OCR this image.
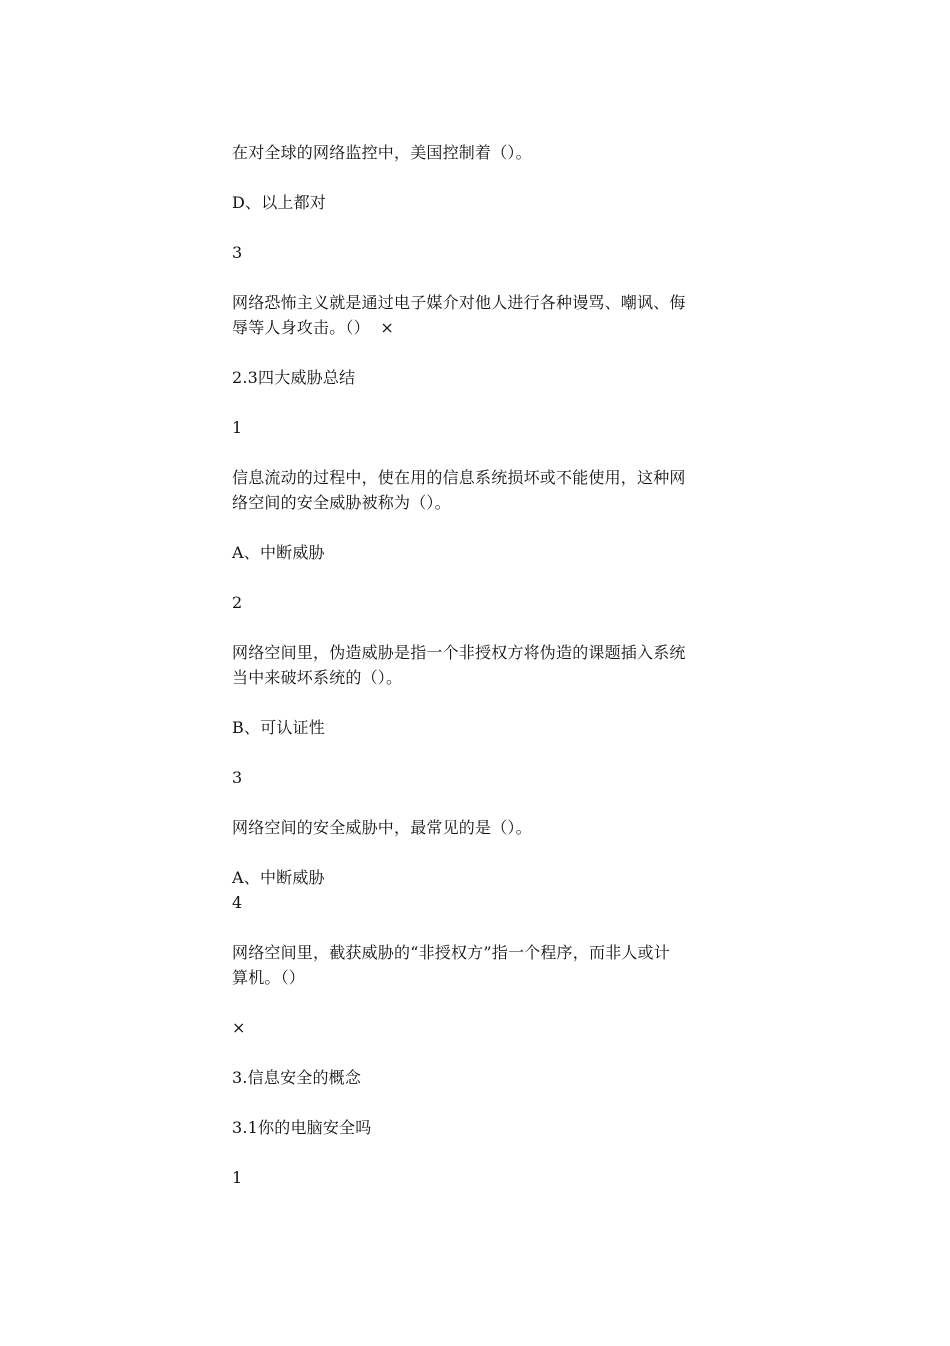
在对全球的网络监控中，美国控制着（）。
D、以上都对
3
网络恐怖主义就是通过电子媒介对他人进行各种谩骂、嘲讽、侮
辱等人身攻击。（）  ×
2.3四大威胁总结
1
信息流动的过程中，使在用的信息系统损坏或不能使用，这种网
络空间的安全威胁被称为（）。
A、中断威胁
2
网络空间里，伪造威胁是指一个非授权方将伪造的课题插入系统
当中来破坏系统的（）。
B、可认证性
3
网络空间的安全威胁中，最常见的是（）。
A、中断威胁
4
网络空间里，截获威胁的“非授权方”指一个程序，而非人或计
算机。（）
×
3.信息安全的概念
3.1你的电脑安全吗
1
